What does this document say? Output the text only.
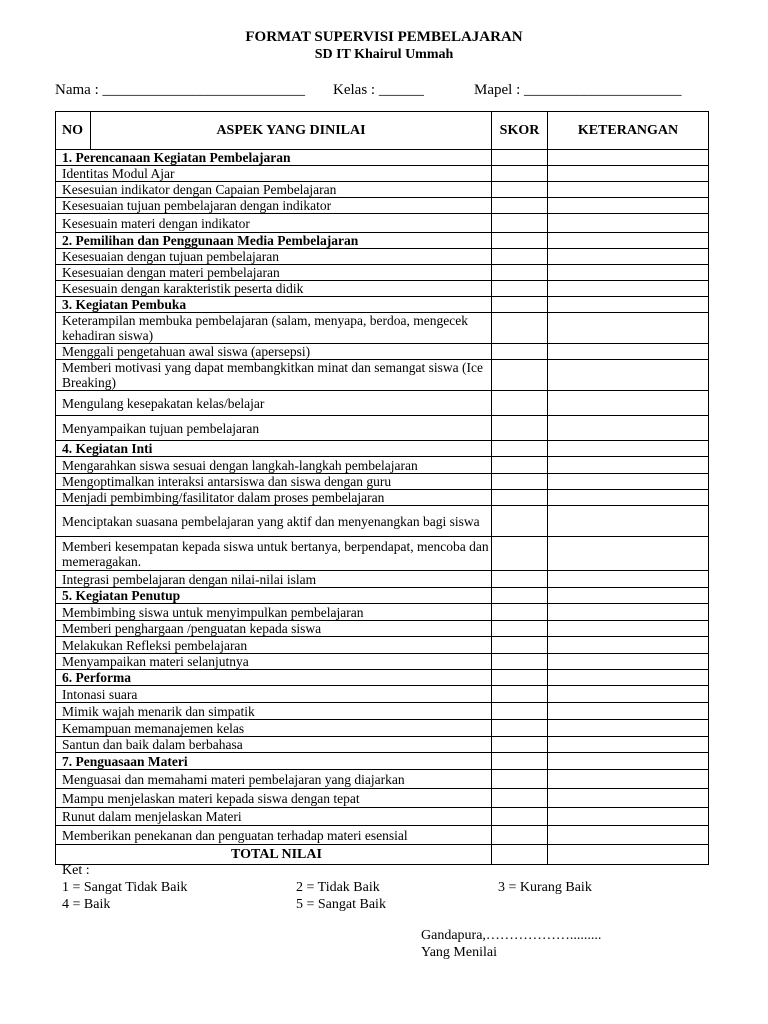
FORMAT SUPERVISI PEMBELAJARAN
SD IT Khairul Ummah
Nama : ___________________________ Kelas : ______	Mapel : _____________________
NO	ASPEK YANG DINILAI	SKOR	KETERANGAN
1. Perencanaan Kegiatan Pembelajaran			
Identitas Modul Ajar			
Kesesuian indikator dengan Capaian Pembelajaran			
Kesesuaian tujuan pembelajaran dengan indikator			
Kesesuain materi dengan indikator			
2. Pemilihan dan Penggunaan Media Pembelajaran			
Kesesuaian dengan tujuan pembelajaran			
Kesesuaian dengan materi pembelajaran			
Kesesuain dengan karakteristik peserta didik			
3. Kegiatan Pembuka			
Keterampilan membuka pembelajaran (salam, menyapa, berdoa, mengecek kehadiran siswa)			
Menggali pengetahuan awal siswa (apersepsi)			
Memberi motivasi yang dapat membangkitkan minat dan semangat siswa (Ice Breaking)			
Mengulang kesepakatan kelas/belajar			
Menyampaikan tujuan pembelajaran			
4. Kegiatan Inti			
Mengarahkan siswa sesuai dengan langkah-langkah pembelajaran			
Mengoptimalkan interaksi antarsiswa dan siswa dengan guru			
Menjadi pembimbing/fasilitator dalam proses pembelajaran			
Menciptakan suasana pembelajaran yang aktif dan menyenangkan bagi siswa			
Memberi kesempatan kepada siswa untuk bertanya, berpendapat, mencoba dan memeragakan.			
Integrasi pembelajaran dengan nilai-nilai islam			
5. Kegiatan Penutup			
Membimbing siswa untuk menyimpulkan pembelajaran			
Memberi penghargaan /penguatan kepada siswa			
Melakukan Refleksi pembelajaran			
Menyampaikan materi selanjutnya			
6. Performa			
Intonasi suara			
Mimik wajah menarik dan simpatik			
Kemampuan memanajemen kelas			
Santun dan baik dalam berbahasa			
7. Penguasaan Materi			
Menguasai dan memahami materi pembelajaran yang diajarkan			
Mampu menjelaskan materi kepada siswa dengan tepat			
Runut dalam menjelaskan Materi			
Memberikan penekanan dan penguatan terhadap materi esensial			
TOTAL NILAI			
Ket :
1 = Sangat Tidak Baik	2 = Tidak Baik	3 = Kurang Baik
4 = Baik	5 = Sangat Baik
Gandapura,……………….........
Yang Menilai
